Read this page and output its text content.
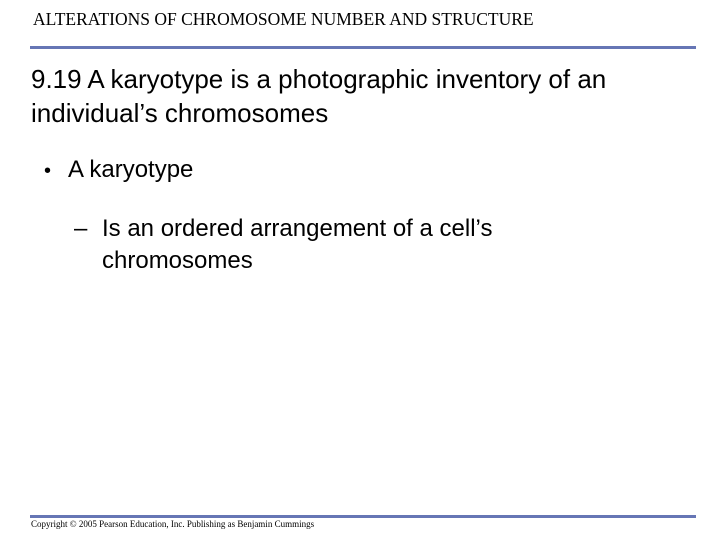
ALTERATIONS OF CHROMOSOME NUMBER AND STRUCTURE
9.19 A karyotype is a photographic inventory of an individual’s chromosomes
• A karyotype
– Is an ordered arrangement of a cell’s chromosomes
Copyright © 2005 Pearson Education, Inc. Publishing as Benjamin Cummings
